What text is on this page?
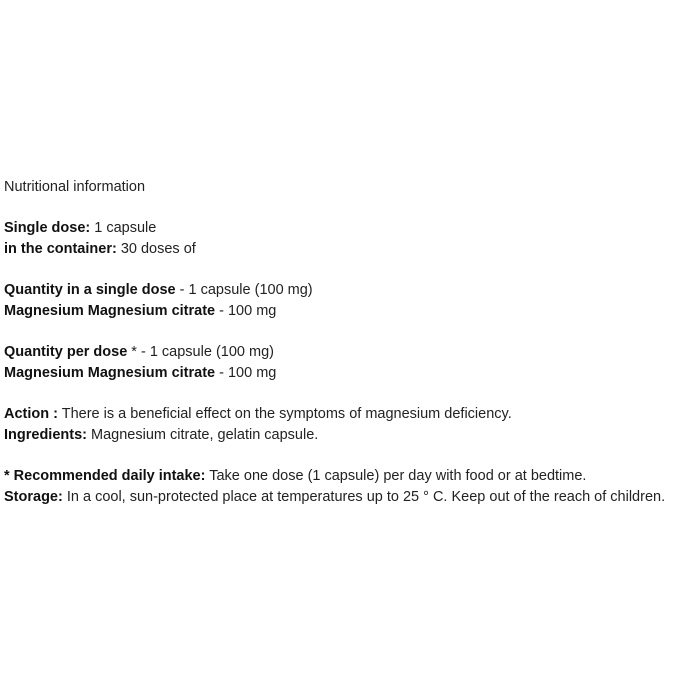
Nutritional information
Single dose: 1 capsule
in the container: 30 doses of
Quantity in a single dose - 1 capsule (100 mg)
Magnesium Magnesium citrate - 100 mg
Quantity per dose * - 1 capsule (100 mg)
Magnesium Magnesium citrate - 100 mg
Action : There is a beneficial effect on the symptoms of magnesium deficiency.
Ingredients: Magnesium citrate, gelatin capsule.
* Recommended daily intake: Take one dose (1 capsule) per day with food or at bedtime.
Storage: In a cool, sun-protected place at temperatures up to 25 ° C. Keep out of the reach of children.
